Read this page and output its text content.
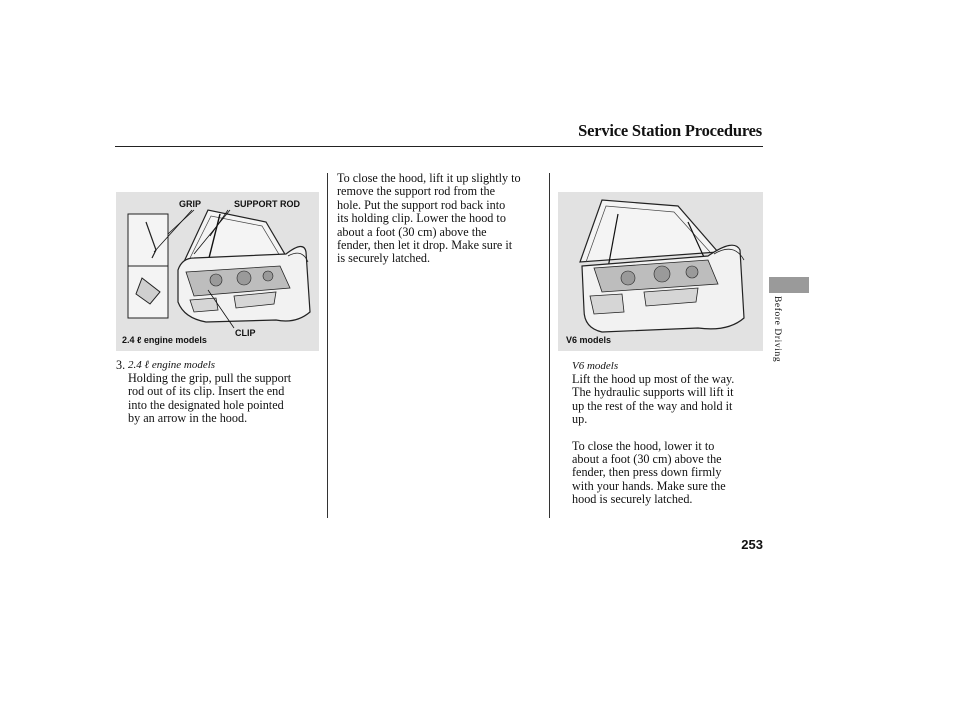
Service Station Procedures
GRIP	SUPPORT ROD
CLIP
2.4 ℓ engine models	V6 models
3. 2.4 ℓ engine models

Holding the grip, pull the support

rod out of its clip. Insert the end

into the designated hole pointed

by an arrow in the hood.

To close the hood, lift it up slightly to

remove the support rod from the

hole. Put the support rod back into

its holding clip. Lower the hood to

about a foot (30 cm) above the

fender, then let it drop. Make sure it

is securely latched.

V6 models

Lift the hood up most of the way.

The hydraulic supports will lift it

up the rest of the way and hold it

up.

To close the hood, lower it to

about a foot (30 cm) above the

fender, then press down firmly

with your hands. Make sure the

hood is securely latched.

Before Driving
253
